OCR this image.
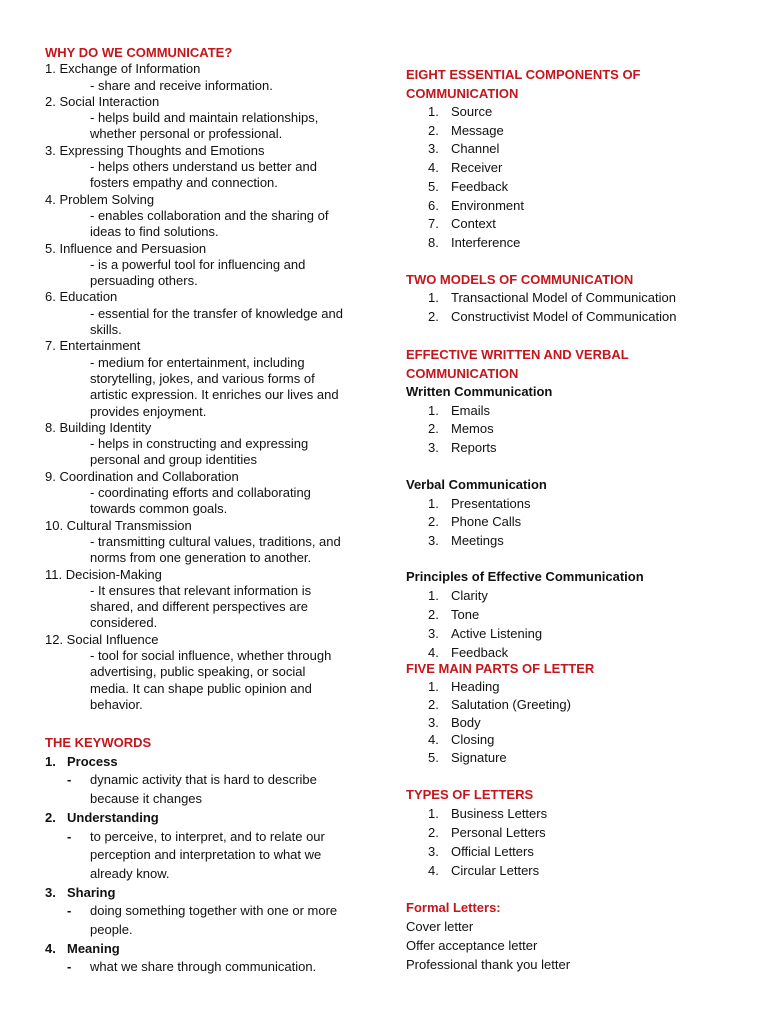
WHY DO WE COMMUNICATE?
1. Exchange of Information
- share and receive information.
2. Social Interaction
- helps build and maintain relationships,
whether personal or professional.
3. Expressing Thoughts and Emotions
- helps others understand us better and
fosters empathy and connection.
4. Problem Solving
- enables collaboration and the sharing of
ideas to find solutions.
5. Influence and Persuasion
- is a powerful tool for influencing and
persuading others.
6. Education
- essential for the transfer of knowledge and
skills.
7. Entertainment
- medium for entertainment, including
storytelling, jokes, and various forms of
artistic expression. It enriches our lives and
provides enjoyment.
8. Building Identity
- helps in constructing and expressing
personal and group identities
9. Coordination and Collaboration
- coordinating efforts and collaborating
towards common goals.
10. Cultural Transmission
- transmitting cultural values, traditions, and
norms from one generation to another.
11. Decision-Making
- It ensures that relevant information is
shared, and different perspectives are
considered.
12. Social Influence
- tool for social influence, whether through
advertising, public speaking, or social
media. It can shape public opinion and
behavior.
THE KEYWORDS
1. Process
- dynamic activity that is hard to describe
because it changes
2. Understanding
- to perceive, to interpret, and to relate our
perception and interpretation to what we
already know.
3. Sharing
- doing something together with one or more
people.
4. Meaning
- what we share through communication.
EIGHT ESSENTIAL COMPONENTS OF
COMMUNICATION
1. Source
2. Message
3. Channel
4. Receiver
5. Feedback
6. Environment
7. Context
8. Interference
TWO MODELS OF COMMUNICATION
1. Transactional Model of Communication
2. Constructivist Model of Communication
EFFECTIVE WRITTEN AND VERBAL
COMMUNICATION
Written Communication
1. Emails
2. Memos
3. Reports
Verbal Communication
1. Presentations
2. Phone Calls
3. Meetings
Principles of Effective Communication
1. Clarity
2. Tone
3. Active Listening
4. Feedback
FIVE MAIN PARTS OF LETTER
1. Heading
2. Salutation (Greeting)
3. Body
4. Closing
5. Signature
TYPES OF LETTERS
1. Business Letters
2. Personal Letters
3. Official Letters
4. Circular Letters
Formal Letters:
Cover letter
Offer acceptance letter
Professional thank you letter
